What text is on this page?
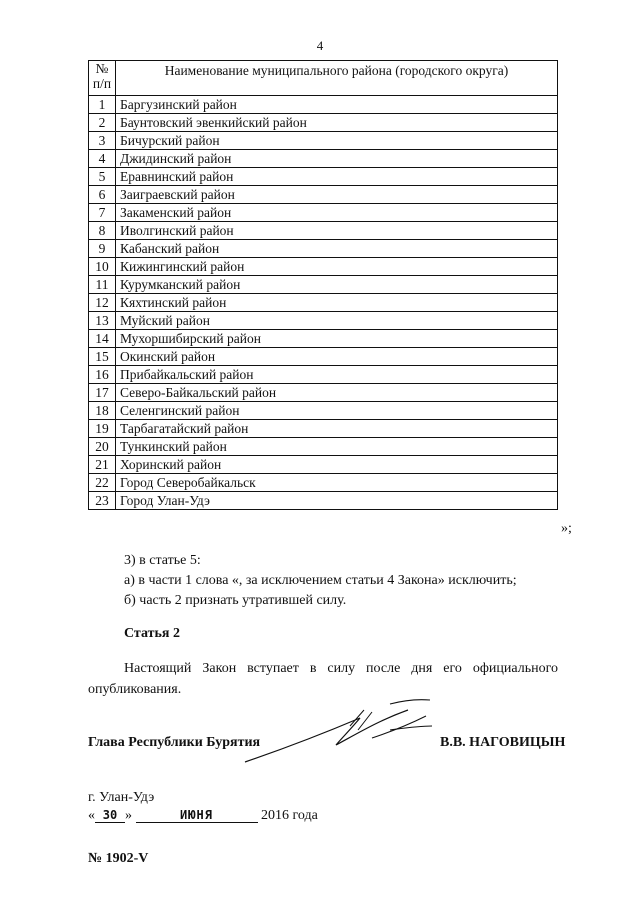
4
№ п/п	Наименование муниципального района (городского округа)
1	Баргузинский район
2	Баунтовский эвенкийский район
3	Бичурский район
4	Джидинский район
5	Еравнинский район
6	Заиграевский район
7	Закаменский район
8	Иволгинский район
9	Кабанский район
10	Кижингинский район
11	Курумканский район
12	Кяхтинский район
13	Муйский район
14	Мухоршибирский район
15	Окинский район
16	Прибайкальский район
17	Северо-Байкальский район
18	Селенгинский район
19	Тарбагатайский район
20	Тункинский район
21	Хоринский район
22	Город Северобайкальск
23	Город Улан-Удэ
»;
3) в статье 5:
а) в части 1 слова «, за исключением статьи 4 Закона» исключить;
б) часть 2 признать утратившей силу.
Статья 2
Настоящий Закон вступает в силу после дня его официального опубликования.
Глава Республики Бурятия	В.В. НАГОВИЦЫН
г. Улан-Удэ
« 30 »	ИЮНЯ	2016 года
№ 1902-V
